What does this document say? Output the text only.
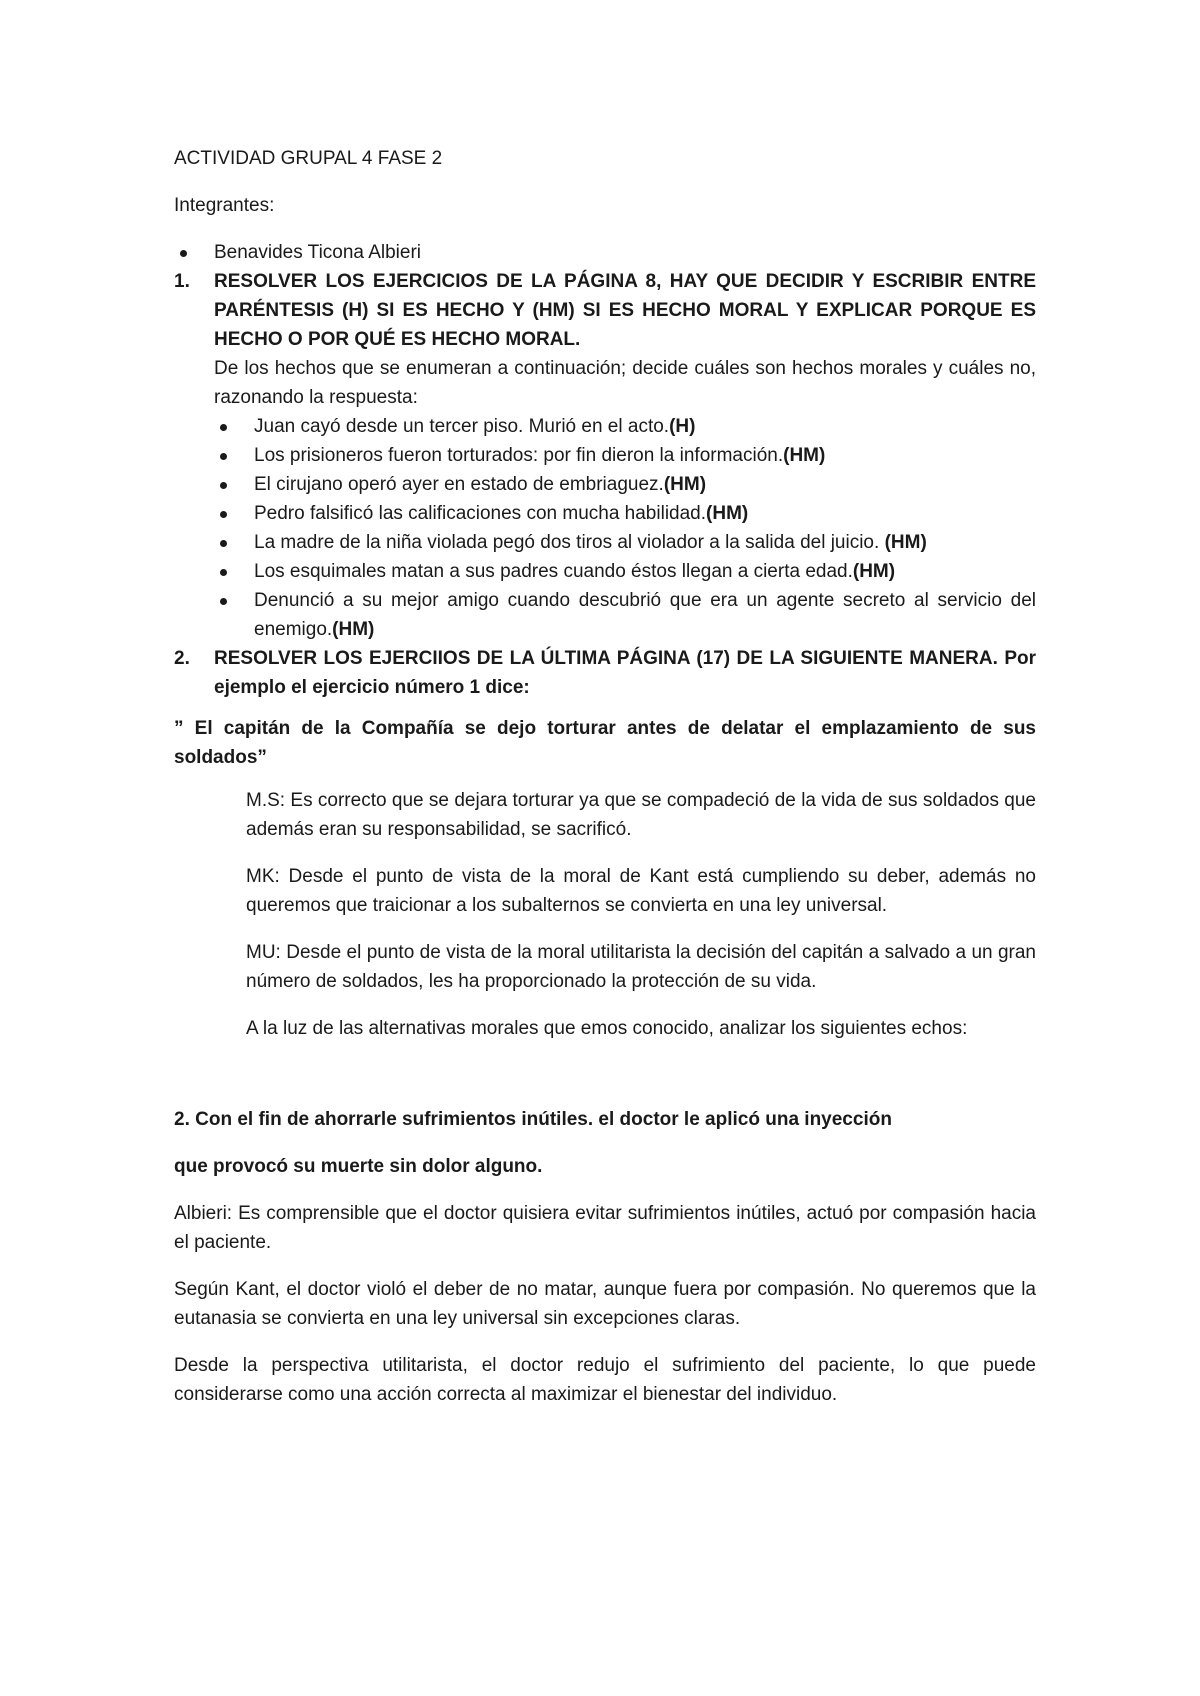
ACTIVIDAD GRUPAL 4 FASE 2

Integrantes:

Benavides Ticona Albieri
1. RESOLVER LOS EJERCICIOS DE LA PÁGINA 8, HAY QUE DECIDIR Y ESCRIBIR ENTRE PARÉNTESIS (H) SI ES HECHO Y (HM) SI ES HECHO MORAL Y EXPLICAR PORQUE ES HECHO O POR QUÉ ES HECHO MORAL.

De los hechos que se enumeran a continuación; decide cuáles son hechos morales y cuáles no, razonando la respuesta:

Juan cayó desde un tercer piso. Murió en el acto.(H)
Los prisioneros fueron torturados: por fin dieron la información.(HM)
El cirujano operó ayer en estado de embriaguez.(HM)
Pedro falsificó las calificaciones con mucha habilidad.(HM)
La madre de la niña violada pegó dos tiros al violador a la salida del juicio. (HM)
Los esquimales matan a sus padres cuando éstos llegan a cierta edad.(HM)
Denunció a su mejor amigo cuando descubrió que era un agente secreto al servicio del enemigo.(HM)
2. RESOLVER LOS EJERCIIOS DE LA ÚLTIMA PÁGINA (17) DE LA SIGUIENTE MANERA. Por ejemplo el ejercicio número 1 dice:

” El capitán de la Compañía se dejo torturar antes de delatar el emplazamiento de sus soldados”

M.S: Es correcto que se dejara torturar ya que se compadeció de la vida de sus soldados que además eran su responsabilidad, se sacrificó.

MK: Desde el punto de vista de la moral de Kant está cumpliendo su deber, además no queremos que traicionar a los subalternos se convierta en una ley universal.

MU: Desde el punto de vista de la moral utilitarista la decisión del capitán a salvado a un gran número de soldados, les ha proporcionado la protección de su vida.

A la luz de las alternativas morales que emos conocido, analizar los siguientes echos:

2. Con el fin de ahorrarle sufrimientos inútiles. el doctor le aplicó una inyección

que provocó su muerte sin dolor alguno.

Albieri: Es comprensible que el doctor quisiera evitar sufrimientos inútiles, actuó por compasión hacia el paciente.

Según Kant, el doctor violó el deber de no matar, aunque fuera por compasión. No queremos que la eutanasia se convierta en una ley universal sin excepciones claras.

Desde la perspectiva utilitarista, el doctor redujo el sufrimiento del paciente, lo que puede considerarse como una acción correcta al maximizar el bienestar del individuo.
